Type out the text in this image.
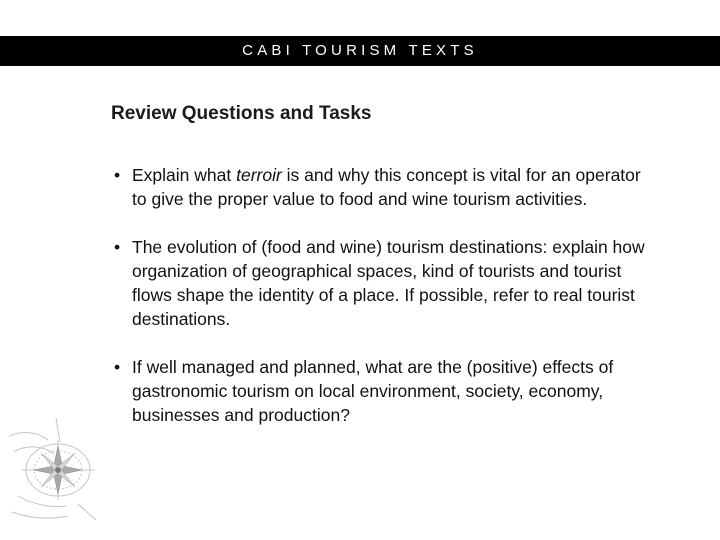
CABI TOURISM TEXTS
Review Questions and Tasks
• Explain what terroir is and why this concept is vital for an operator to give the proper value to food and wine tourism activities.
• The evolution of (food and wine) tourism destinations: explain how organization of geographical spaces, kind of tourists and tourist flows shape the identity of a place. If possible, refer to real tourist destinations.
• If well managed and planned, what are the (positive) effects of gastronomic tourism on local environment, society, economy, businesses and production?
